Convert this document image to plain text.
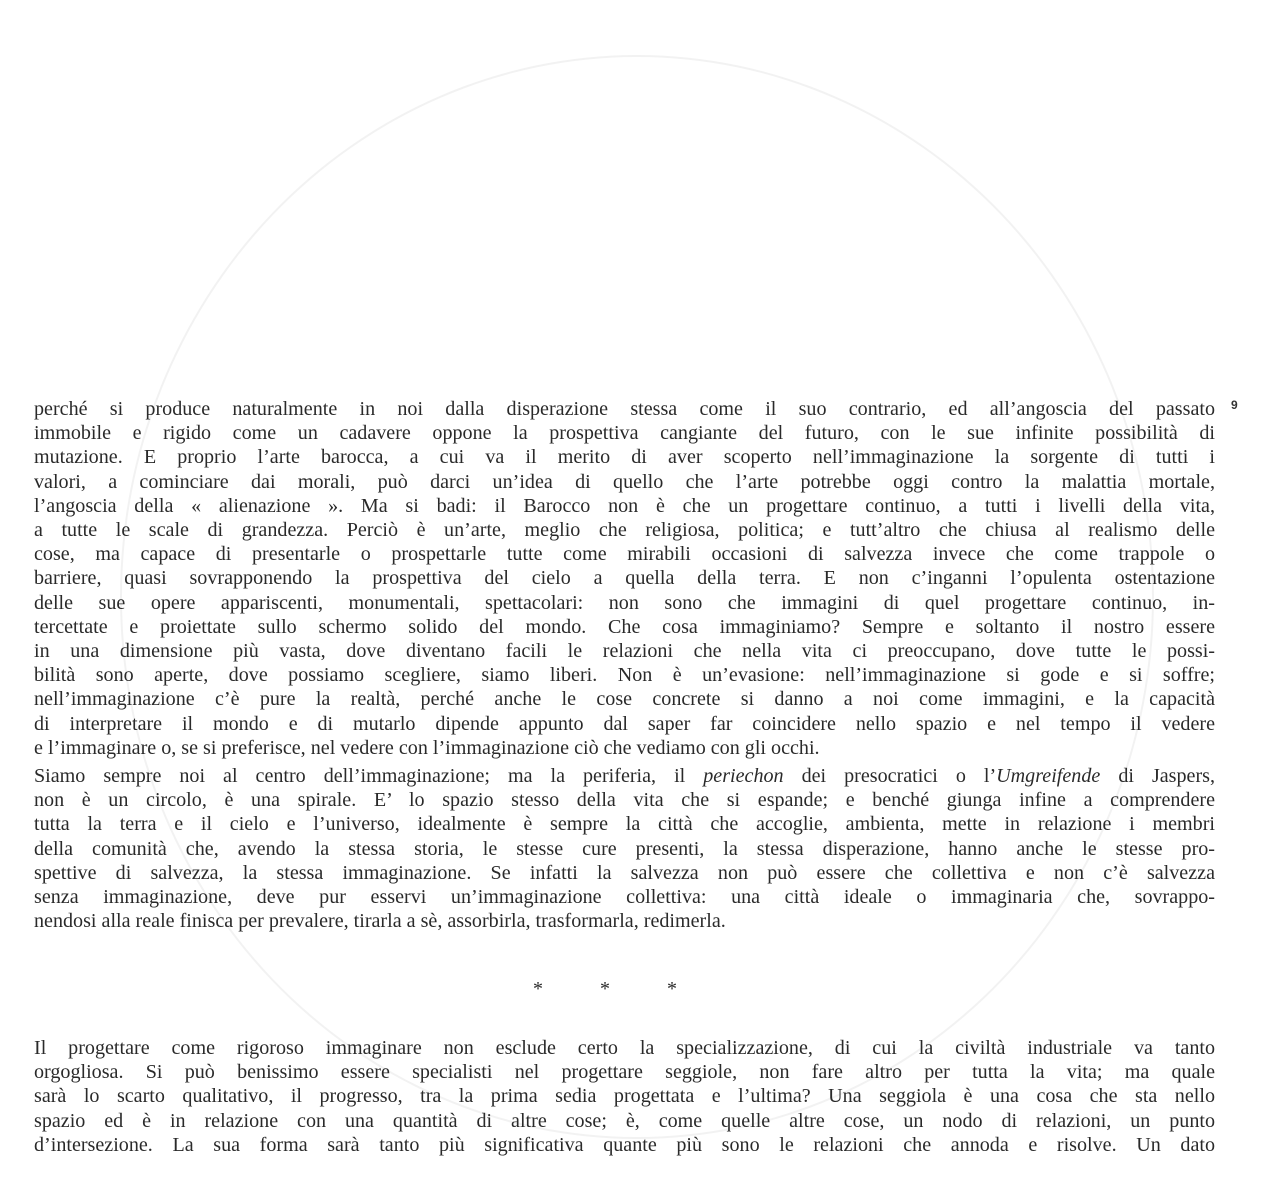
9
perché si produce naturalmente in noi dalla disperazione stessa come il suo contrario, ed all’angoscia del passato
immobile e rigido come un cadavere oppone la prospettiva cangiante del futuro, con le sue infinite possibilità di
mutazione. E proprio l’arte barocca, a cui va il merito di aver scoperto nell’immaginazione la sorgente di tutti i
valori, a cominciare dai morali, può darci un’idea di quello che l’arte potrebbe oggi contro la malattia mortale,
l’angoscia della « alienazione ». Ma si badi: il Barocco non è che un progettare continuo, a tutti i livelli della vita,
a tutte le scale di grandezza. Perciò è un’arte, meglio che religiosa, politica; e tutt’altro che chiusa al realismo delle
cose, ma capace di presentarle o prospettarle tutte come mirabili occasioni di salvezza invece che come trappole o
barriere, quasi sovrapponendo la prospettiva del cielo a quella della terra. E non c’inganni l’opulenta ostentazione
delle sue opere appariscenti, monumentali, spettacolari: non sono che immagini di quel progettare continuo, in-
tercettate e proiettate sullo schermo solido del mondo. Che cosa immaginiamo? Sempre e soltanto il nostro essere
in una dimensione più vasta, dove diventano facili le relazioni che nella vita ci preoccupano, dove tutte le possi-
bilità sono aperte, dove possiamo scegliere, siamo liberi. Non è un’evasione: nell’immaginazione si gode e si soffre;
nell’immaginazione c’è pure la realtà, perché anche le cose concrete si danno a noi come immagini, e la capacità
di interpretare il mondo e di mutarlo dipende appunto dal saper far coincidere nello spazio e nel tempo il vedere
e l’immaginare o, se si preferisce, nel vedere con l’immaginazione ciò che vediamo con gli occhi.
Siamo sempre noi al centro dell’immaginazione; ma la periferia, il periechon dei presocratici o l’Umgreifende di Jaspers,
non è un circolo, è una spirale. E’ lo spazio stesso della vita che si espande; e benché giunga infine a comprendere
tutta la terra e il cielo e l’universo, idealmente è sempre la città che accoglie, ambienta, mette in relazione i membri
della comunità che, avendo la stessa storia, le stesse cure presenti, la stessa disperazione, hanno anche le stesse pro-
spettive di salvezza, la stessa immaginazione. Se infatti la salvezza non può essere che collettiva e non c’è salvezza
senza immaginazione, deve pur esservi un’immaginazione collettiva: una città ideale o immaginaria che, sovrappo-
nendosi alla reale finisca per prevalere, tirarla a sè, assorbirla, trasformarla, redimerla.
* * *
Il progettare come rigoroso immaginare non esclude certo la specializzazione, di cui la civiltà industriale va tanto
orgogliosa. Si può benissimo essere specialisti nel progettare seggiole, non fare altro per tutta la vita; ma quale
sarà lo scarto qualitativo, il progresso, tra la prima sedia progettata e l’ultima? Una seggiola è una cosa che sta nello
spazio ed è in relazione con una quantità di altre cose; è, come quelle altre cose, un nodo di relazioni, un punto
d’intersezione. La sua forma sarà tanto più significativa quante più sono le relazioni che annoda e risolve. Un dato
